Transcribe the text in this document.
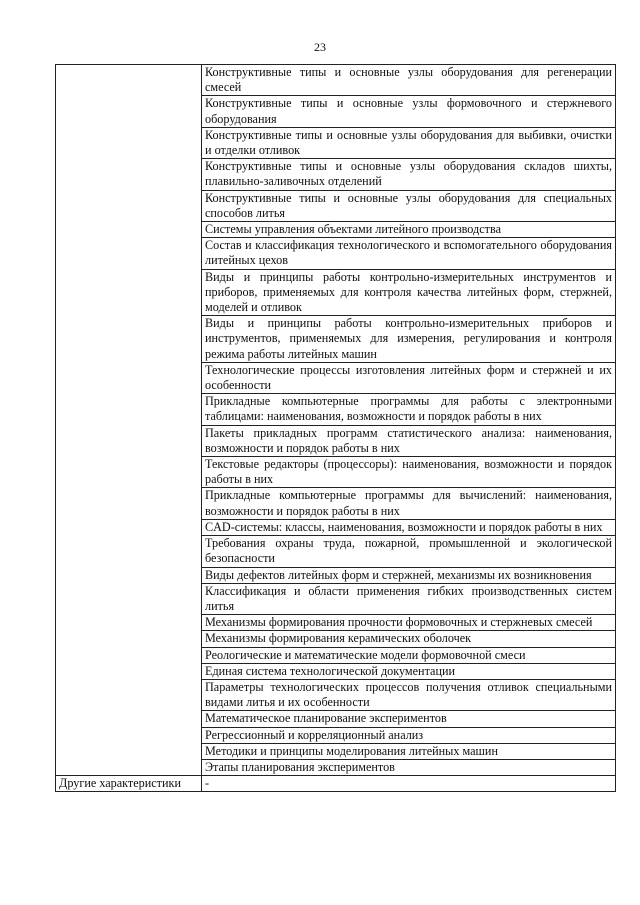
23
	Конструктивные типы и основные узлы оборудования для регенерации смесей
	Конструктивные типы и основные узлы формовочного и стержневого оборудования
	Конструктивные типы и основные узлы оборудования для выбивки, очистки и отделки отливок
	Конструктивные типы и основные узлы оборудования складов шихты, плавильно-заливочных отделений
	Конструктивные типы и основные узлы оборудования для специальных способов литья
	Системы управления объектами литейного производства
	Состав и классификация технологического и вспомогательного оборудования литейных цехов
	Виды и принципы работы контрольно-измерительных инструментов и приборов, применяемых для контроля качества литейных форм, стержней, моделей и отливок
	Виды и принципы работы контрольно-измерительных приборов и инструментов, применяемых для измерения, регулирования и контроля режима работы литейных машин
	Технологические процессы изготовления литейных форм и стержней и их особенности
	Прикладные компьютерные программы для работы с электронными таблицами: наименования, возможности и порядок работы в них
	Пакеты прикладных программ статистического анализа: наименования, возможности и порядок работы в них
	Текстовые редакторы (процессоры): наименования, возможности и порядок работы в них
	Прикладные компьютерные программы для вычислений: наименования, возможности и порядок работы в них
	CAD-системы: классы, наименования, возможности и порядок работы в них
	Требования охраны труда, пожарной, промышленной и экологической безопасности
	Виды дефектов литейных форм и стержней, механизмы их возникновения
	Классификация и области применения гибких производственных систем литья
	Механизмы формирования прочности формовочных и стержневых смесей
	Механизмы формирования керамических оболочек
	Реологические и математические модели формовочной смеси
	Единая система технологической документации
	Параметры технологических процессов получения отливок специальными видами литья и их особенности
	Математическое планирование экспериментов
	Регрессионный и корреляционный анализ
	Методики и принципы моделирования литейных машин
	Этапы планирования экспериментов
Другие характеристики	-
